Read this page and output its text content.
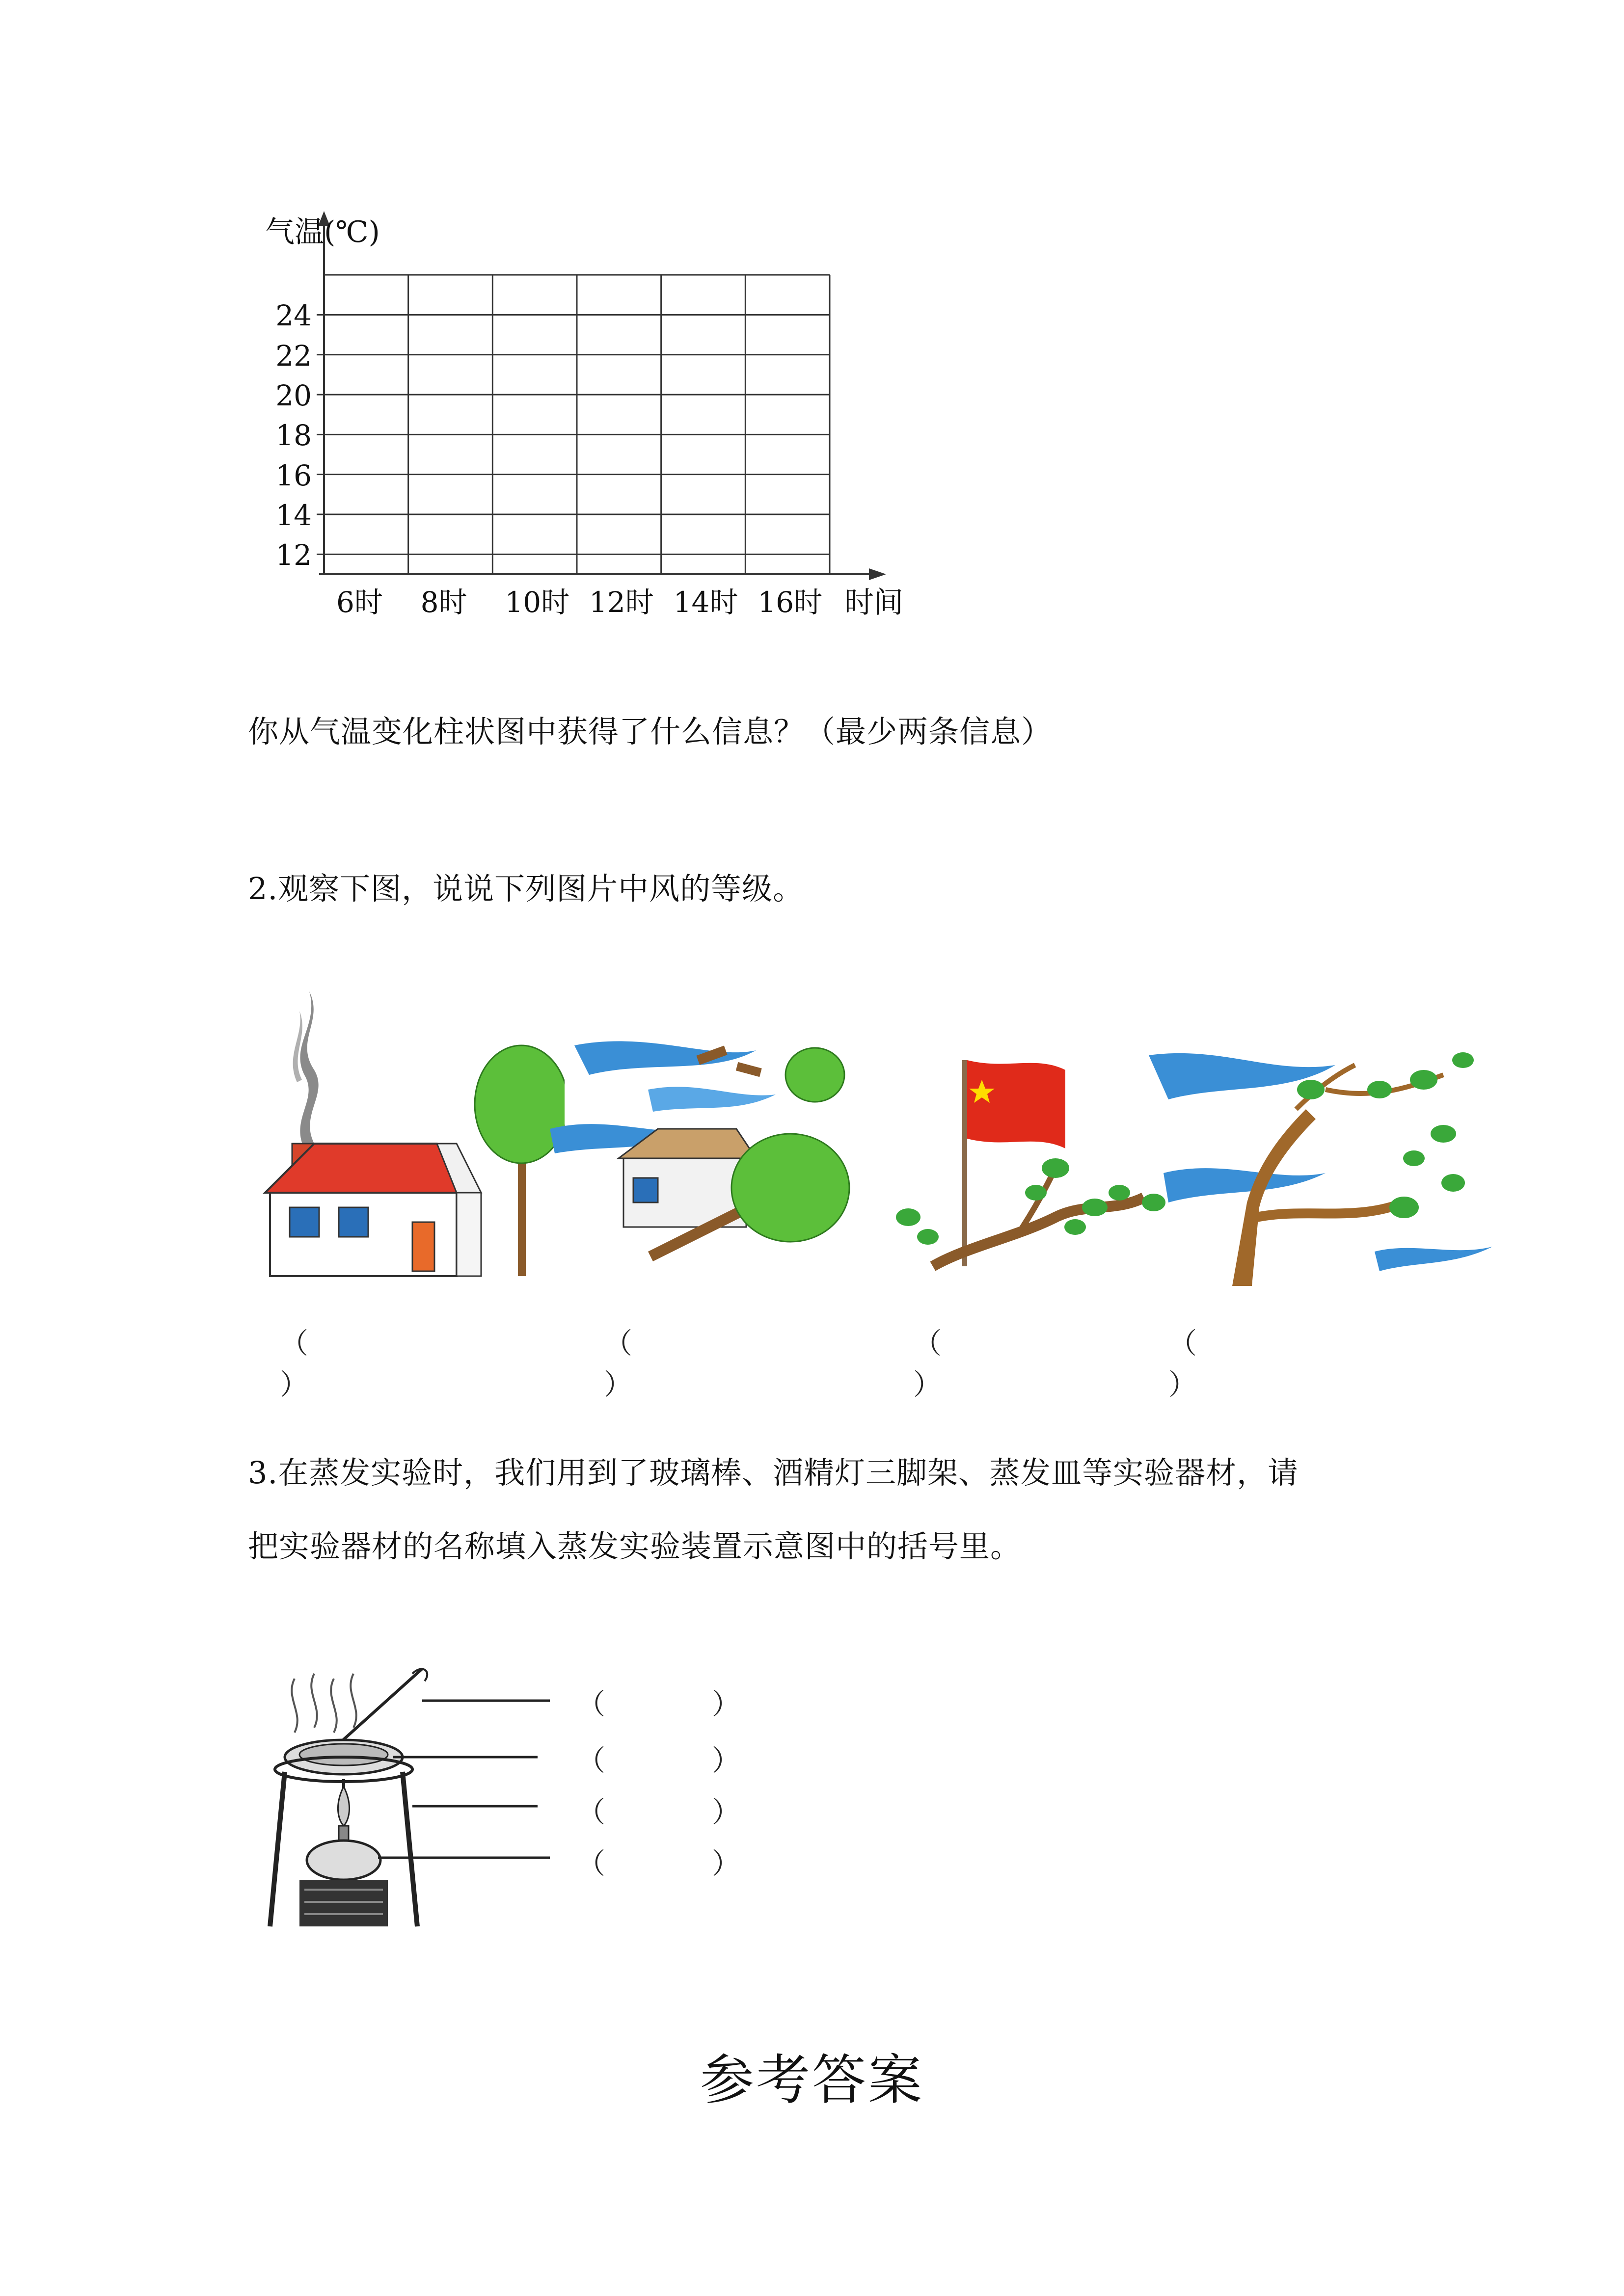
气温(℃)
时间
24
22
20
18
16
14
12
6时 8时 10时 12时 14时 16时
你从气温变化柱状图中获得了什么信息？（最少两条信息）
2.观察下图，说说下列图片中风的等级。
（  ）
（  ）
（  ）
（  ）
3.在蒸发实验时，我们用到了玻璃棒、酒精灯三脚架、蒸发皿等实验器材，请
把实验器材的名称填入蒸发实验装置示意图中的括号里。
（	）
（	）
（	）
（	）
参考答案
